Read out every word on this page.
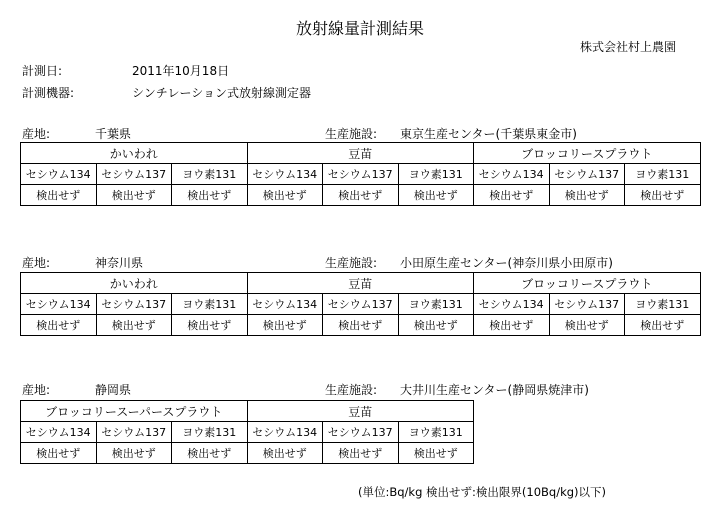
放射線量計測結果
株式会社村上農園
計測日:	2011年10月18日
計測機器:	シンチレーション式放射線測定器
産地:	千葉県	生産施設: 東京生産センター(千葉県東金市)
かいわれ			豆苗			ブロッコリースプラウト		
セシウム134	セシウム137	ヨウ素131	セシウム134	セシウム137	ヨウ素131	セシウム134	セシウム137	ヨウ素131
検出せず	検出せず	検出せず	検出せず	検出せず	検出せず	検出せず	検出せず	検出せず
産地:	神奈川県	生産施設: 小田原生産センター(神奈川県小田原市)
かいわれ			豆苗			ブロッコリースプラウト		
セシウム134	セシウム137	ヨウ素131	セシウム134	セシウム137	ヨウ素131	セシウム134	セシウム137	ヨウ素131
検出せず	検出せず	検出せず	検出せず	検出せず	検出せず	検出せず	検出せず	検出せず
産地:	静岡県	生産施設: 大井川生産センター(静岡県焼津市)
ブロッコリースーパースプラウト			豆苗		
セシウム134	セシウム137	ヨウ素131	セシウム134	セシウム137	ヨウ素131
検出せず	検出せず	検出せず	検出せず	検出せず	検出せず
(単位:Bq/kg 検出せず:検出限界(10Bq/kg)以下)
